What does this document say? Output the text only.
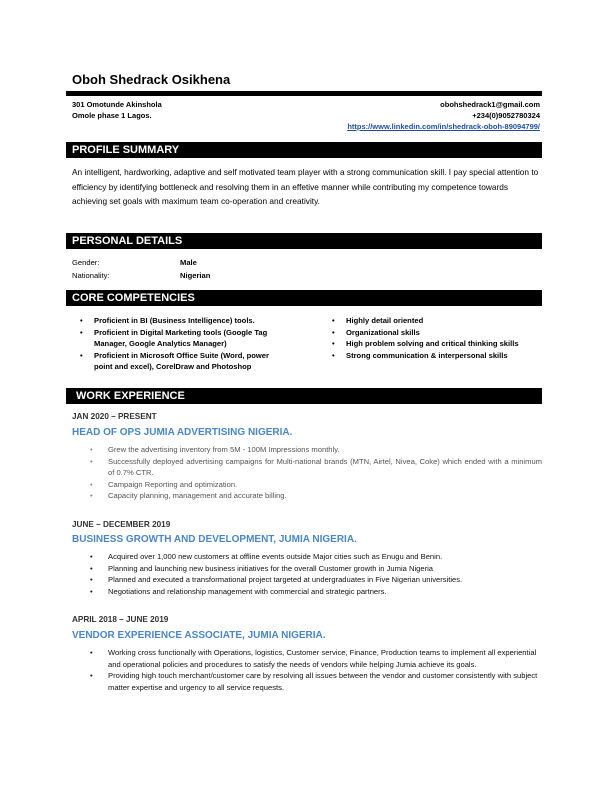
Oboh Shedrack Osikhena
301 Omotunde Akinshola
Omole phase 1 Lagos.
obohshedrack1@gmail.com
+234(0)9052780324
https://www.linkedin.com/in/shedrack-oboh-89094799/
PROFILE SUMMARY
An intelligent, hardworking, adaptive and self motivated team player with a strong communication skill. I pay special attention to efficiency by identifying bottleneck and resolving them in an effetive manner while contributing my competence towards achieving set goals with maximum team co-operation and creativity.
PERSONAL DETAILS
Gender:	Male
Nationality:	Nigerian
CORE COMPETENCIES
• Proficient in BI (Business Intelligence) tools.
• Proficient in Digital Marketing tools (Google Tag Manager, Google Analytics Manager)
• Proficient in Microsoft Office Suite (Word, power point and excel), CorelDraw and Photoshop
• Highly detail oriented
• Organizational skills
• High problem solving and critical thinking skills
• Strong communication & interpersonal skills
WORK EXPERIENCE
JAN 2020 – PRESENT
HEAD OF OPS JUMIA ADVERTISING NIGERIA.
• Grew the advertising inventory from 5M - 100M Impressions monthly.
• Successfully deployed advertising campaigns for Multi-national brands (MTN, Airtel, Nivea, Coke) which ended with a minimum of 0.7% CTR.
• Campaign Reporting and optimization.
• Capacity planning, management and accurate billing.
JUNE – DECEMBER 2019
BUSINESS GROWTH AND DEVELOPMENT, JUMIA NIGERIA.
• Acquired over 1,000 new customers at offline events outside Major cities such as Enugu and Benin.
• Planning and launching new business initiatives for the overall Customer growth in Jumia Nigeria
• Planned and executed a transformational project targeted at undergraduates in Five Nigerian universities.
• Negotiations and relationship management with commercial and strategic partners.
APRIL 2018 – JUNE 2019
VENDOR EXPERIENCE ASSOCIATE, JUMIA NIGERIA.
• Working cross functionally with Operations, logistics, Customer service, Finance, Production teams to implement all experiential and operational policies and procedures to satisfy the needs of vendors while helping Jumia achieve its goals.
• Providing high touch merchant/customer care by resolving all issues between the vendor and customer consistently with subject matter expertise and urgency to all service requests.
